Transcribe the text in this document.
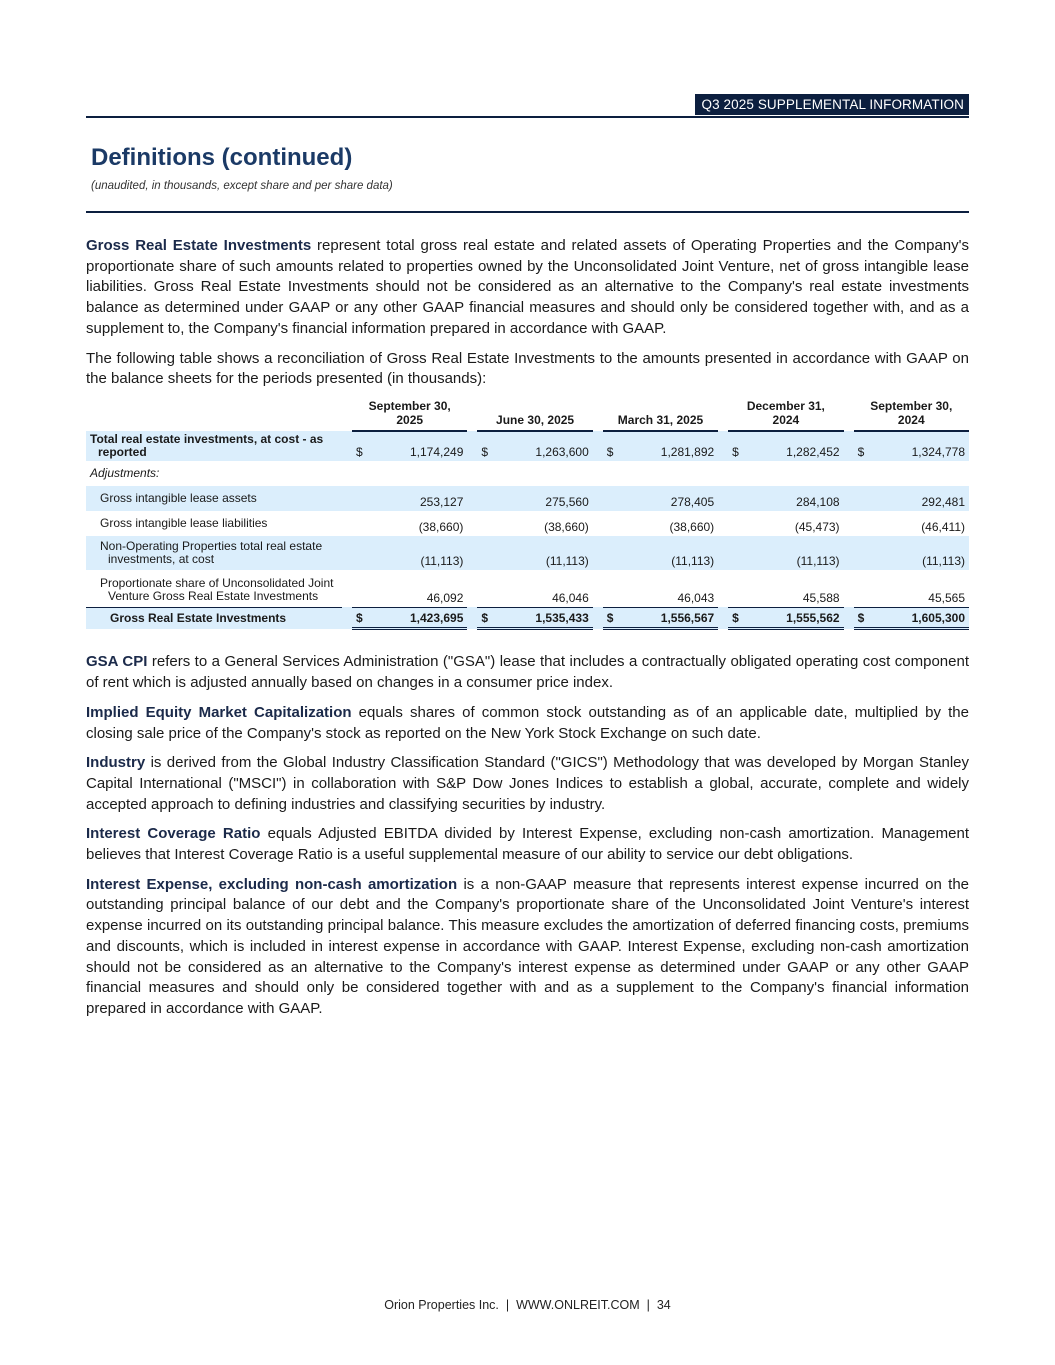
Q3 2025 SUPPLEMENTAL INFORMATION
Definitions (continued)
(unaudited, in thousands, except share and per share data)

Gross Real Estate Investments represent total gross real estate and related assets of Operating Properties and the Company's proportionate share of such amounts related to properties owned by the Unconsolidated Joint Venture, net of gross intangible lease liabilities. Gross Real Estate Investments should not be considered as an alternative to the Company's real estate investments balance as determined under GAAP or any other GAAP financial measures and should only be considered together with, and as a supplement to, the Company's financial information prepared in accordance with GAAP.

The following table shows a reconciliation of Gross Real Estate Investments to the amounts presented in accordance with GAAP on the balance sheets for the periods presented (in thousands):

		September 30, 2025			June 30, 2025			March 31, 2025			December 31, 2024			September 30, 2024	

Total real estate investments, at cost - as reported		$	1,174,249		$	1,263,600		$	1,281,892		$	1,282,452		$	1,324,778
Adjustments:															
Gross intangible lease assets			253,127			275,560			278,405			284,108			292,481
Gross intangible lease liabilities			(38,660)			(38,660)			(38,660)			(45,473)			(46,411)

Non-Operating Properties total real estate investments, at cost			(11,113)			(11,113)			(11,113)			(11,113)			(11,113)

Proportionate share of Unconsolidated Joint Venture Gross Real Estate Investments			46,092			46,046			46,043			45,588			45,565
Gross Real Estate Investments		$	1,423,695		$	1,535,433		$	1,556,567		$	1,555,562		$	1,605,300

GSA CPI refers to a General Services Administration ("GSA") lease that includes a contractually obligated operating cost component of rent which is adjusted annually based on changes in a consumer price index.

Implied Equity Market Capitalization equals shares of common stock outstanding as of an applicable date, multiplied by the closing sale price of the Company's stock as reported on the New York Stock Exchange on such date.

Industry is derived from the Global Industry Classification Standard ("GICS") Methodology that was developed by Morgan Stanley Capital International ("MSCI") in collaboration with S&P Dow Jones Indices to establish a global, accurate, complete and widely accepted approach to defining industries and classifying securities by industry.

Interest Coverage Ratio equals Adjusted EBITDA divided by Interest Expense, excluding non-cash amortization. Management believes that Interest Coverage Ratio is a useful supplemental measure of our ability to service our debt obligations.

Interest Expense, excluding non-cash amortization is a non-GAAP measure that represents interest expense incurred on the outstanding principal balance of our debt and the Company's proportionate share of the Unconsolidated Joint Venture's interest expense incurred on its outstanding principal balance. This measure excludes the amortization of deferred financing costs, premiums and discounts, which is included in interest expense in accordance with GAAP. Interest Expense, excluding non-cash amortization should not be considered as an alternative to the Company's interest expense as determined under GAAP or any other GAAP financial measures and should only be considered together with and as a supplement to the Company's financial information prepared in accordance with GAAP.

Orion Properties Inc. | WWW.ONLREIT.COM | 34
